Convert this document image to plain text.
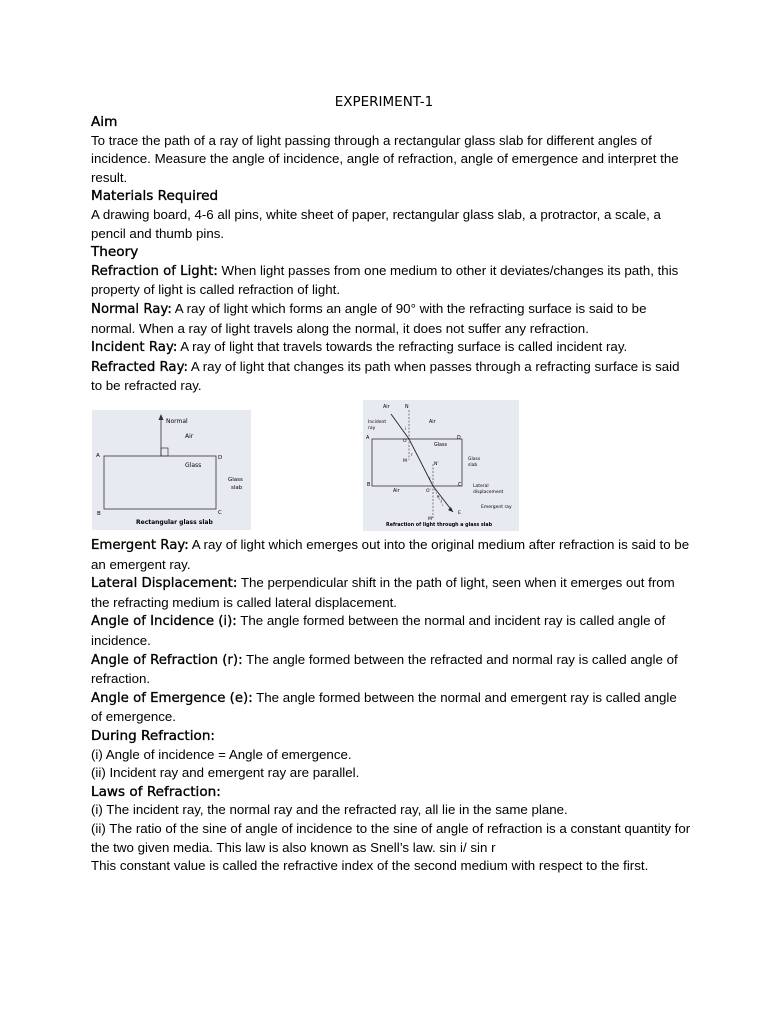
EXPERIMENT-1

Aim

To trace the path of a ray of light passing through a rectangular glass slab for different angles of incidence. Measure the angle of incidence, angle of refraction, angle of emergence and interpret the result.

Materials Required

A drawing board, 4-6 all pins, white sheet of paper, rectangular glass slab, a protractor, a scale, a pencil and thumb pins.

Theory

Refraction of Light: When light passes from one medium to other it deviates/changes its path, this property of light is called refraction of light.

Normal Ray: A ray of light which forms an angle of 90° with the refracting surface is said to be normal. When a ray of light travels along the normal, it does not suffer any refraction.

Incident Ray: A ray of light that travels towards the refracting surface is called incident ray.

Refracted Ray: A ray of light that changes its path when passes through a refracting surface is said to be refracted ray.

Normal
Air
Glass
Glass
slab
A	D
B	C
Rectangular glass slab
Air	N
Air
Incident
ray
Glass
Glass
slab
Air
Lateral
displacement
Emergent ray
A
B	C
D
O
M
N'
O'
E
M'
i
r
e
r
i
Refraction of light through a glass slab

Emergent Ray: A ray of light which emerges out into the original medium after refraction is said to be an emergent ray.

Lateral Displacement: The perpendicular shift in the path of light, seen when it emerges out from the refracting medium is called lateral displacement.

Angle of Incidence (i): The angle formed between the normal and incident ray is called angle of incidence.

Angle of Refraction (r): The angle formed between the refracted and normal ray is called angle of refraction.

Angle of Emergence (e): The angle formed between the normal and emergent ray is called angle of emergence.

During Refraction:

(i) Angle of incidence = Angle of emergence.

(ii) Incident ray and emergent ray are parallel.

Laws of Refraction:

(i) The incident ray, the normal ray and the refracted ray, all lie in the same plane.

(ii) The ratio of the sine of angle of incidence to the sine of angle of refraction is a constant quantity for the two given media. This law is also known as Snell’s law. sin i/ sin r

This constant value is called the refractive index of the second medium with respect to the first.
